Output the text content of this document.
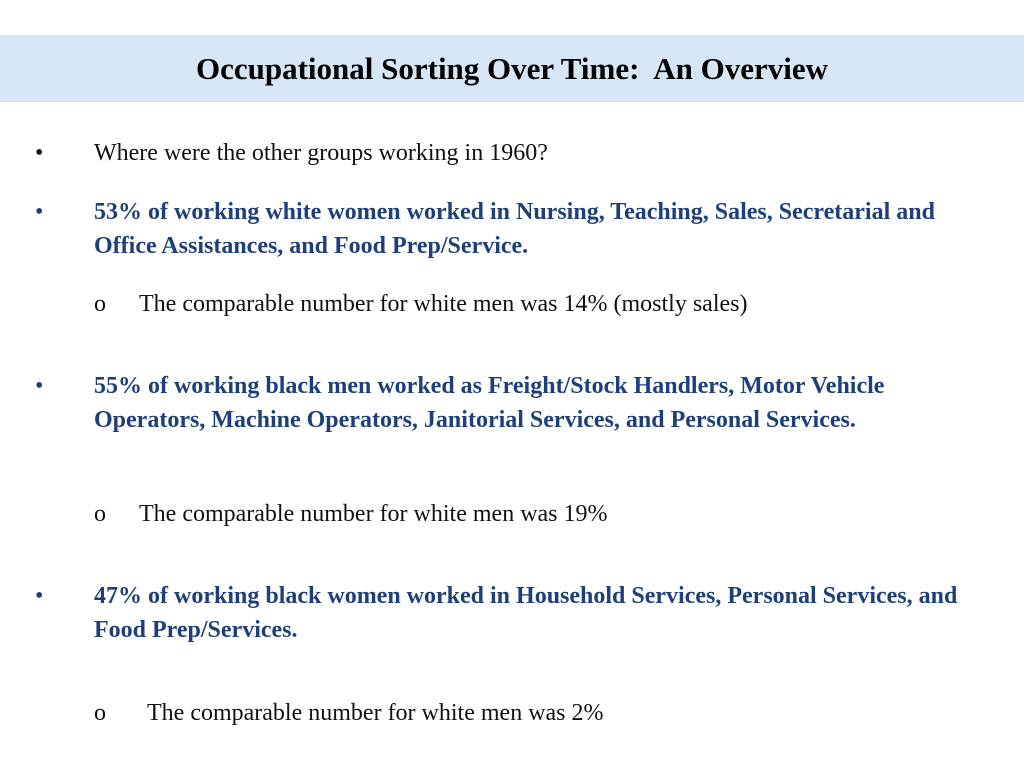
Occupational Sorting Over Time:  An Overview
• Where were the other groups working in 1960?
• 53% of working white women worked in Nursing, Teaching, Sales, Secretarial and Office Assistances, and Food Prep/Service.
o The comparable number for white men was 14% (mostly sales)
• 55% of working black men worked as Freight/Stock Handlers, Motor Vehicle Operators, Machine Operators, Janitorial Services, and Personal Services.
o The comparable number for white men was 19%
• 47% of working black women worked in Household Services, Personal Services, and Food Prep/Services.
o The comparable number for white men was 2%
